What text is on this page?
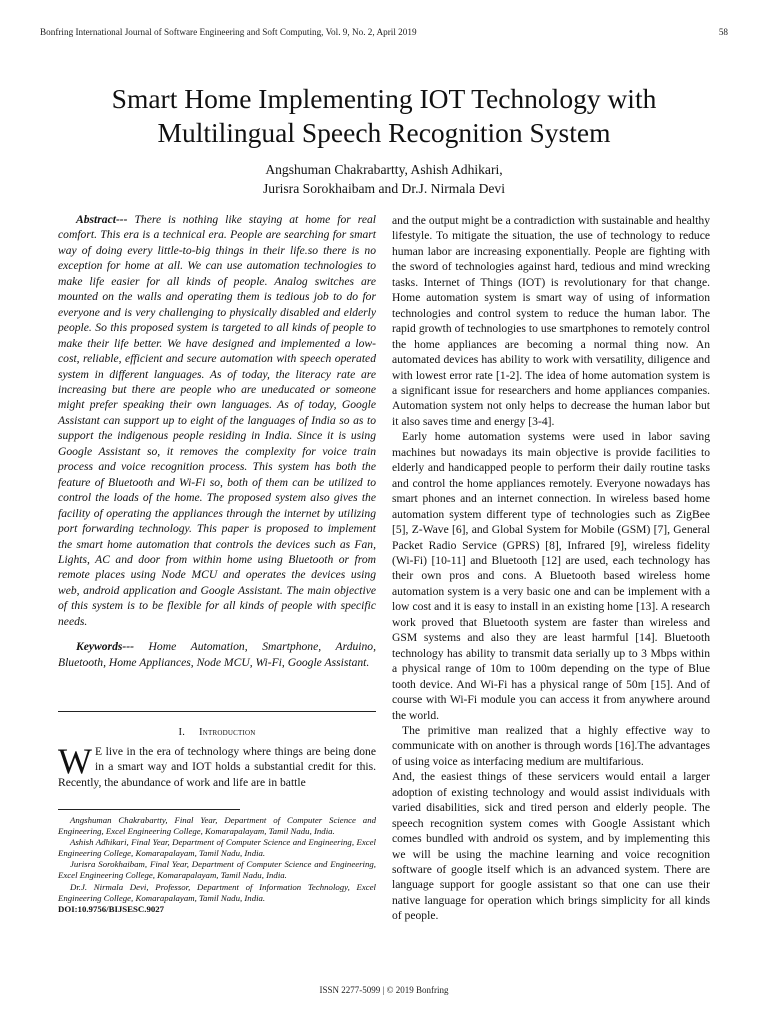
Bonfring International Journal of Software Engineering and Soft Computing, Vol. 9, No. 2, April 2019	58
Smart Home Implementing IOT Technology with
Multilingual Speech Recognition System
Angshuman Chakrabartty, Ashish Adhikari,
Jurisra Sorokhaibam and Dr.J. Nirmala Devi

Abstract--- There is nothing like staying at home for real comfort. This era is a technical era. People are searching for smart way of doing every little-to-big things in their life.so there is no exception for home at all. We can use automation technologies to make life easier for all kinds of people. Analog switches are mounted on the walls and operating them is tedious job to do for everyone and is very challenging to physically disabled and elderly people. So this proposed system is targeted to all kinds of people to make their life better. We have designed and implemented a low-cost, reliable, efficient and secure automation with speech operated system in different languages. As of today, the literacy rate are increasing but there are people who are uneducated or someone might prefer speaking their own languages. As of today, Google Assistant can support up to eight of the languages of India so as to support the indigenous people residing in India. Since it is using Google Assistant so, it removes the complexity for voice train process and voice recognition process. This system has both the feature of Bluetooth and Wi-Fi so, both of them can be utilized to control the loads of the home. The proposed system also gives the facility of operating the appliances through the internet by utilizing port forwarding technology. This paper is proposed to implement the smart home automation that controls the devices such as Fan, Lights, AC and door from within home using Bluetooth or from remote places using Node MCU and operates the devices using web, android application and Google Assistant. The main objective of this system is to be flexible for all kinds of people with specific needs.

Keywords--- Home Automation, Smartphone, Arduino, Bluetooth, Home Appliances, Node MCU, Wi-Fi, Google Assistant.

I. Introduction
W E live in the era of technology where things are being done in a smart way and IOT holds a substantial credit for this. Recently, the abundance of work and life are in battle

Angshuman Chakrabartty, Final Year, Department of Computer Science and Engineering, Excel Engineering College, Komarapalayam, Tamil Nadu, India.

Ashish Adhikari, Final Year, Department of Computer Science and Engineering, Excel Engineering College, Komarapalayam, Tamil Nadu, India.

Jurisra Sorokhaibam, Final Year, Department of Computer Science and Engineering, Excel Engineering College, Komarapalayam, Tamil Nadu, India.

Dr.J. Nirmala Devi, Professor, Department of Information Technology, Excel Engineering College, Komarapalayam, Tamil Nadu, India.

DOI:10.9756/BIJSESC.9027

and the output might be a contradiction with sustainable and healthy lifestyle. To mitigate the situation, the use of technology to reduce human labor are increasing exponentially. People are fighting with the sword of technologies against hard, tedious and mind wrecking tasks. Internet of Things (IOT) is revolutionary for that change. Home automation system is smart way of using of information technologies and control system to reduce the human labor. The rapid growth of technologies to use smartphones to remotely control the home appliances are becoming a normal thing now. An automated devices has ability to work with versatility, diligence and with lowest error rate [1-2]. The idea of home automation system is a significant issue for researchers and home appliances companies. Automation system not only helps to decrease the human labor but it also saves time and energy [3-4].

Early home automation systems were used in labor saving machines but nowadays its main objective is provide facilities to elderly and handicapped people to perform their daily routine tasks and control the home appliances remotely. Everyone nowadays has smart phones and an internet connection. In wireless based home automation system different type of technologies such as ZigBee [5], Z-Wave [6], and Global System for Mobile (GSM) [7], General Packet Radio Service (GPRS) [8], Infrared [9], wireless fidelity (Wi-Fi) [10-11] and Bluetooth [12] are used, each technology has their own pros and cons. A Bluetooth based wireless home automation system is a very basic one and can be implement with a low cost and it is easy to install in an existing home [13]. A research work proved that Bluetooth system are faster than wireless and GSM systems and also they are least harmful [14]. Bluetooth technology has ability to transmit data serially up to 3 Mbps within a physical range of 10m to 100m depending on the type of Blue tooth device. And Wi-Fi has a physical range of 50m [15]. And of course with Wi-Fi module you can access it from anywhere around the world.

The primitive man realized that a highly effective way to communicate with on another is through words [16].The advantages of using voice as interfacing medium are multifarious.

And, the easiest things of these servicers would entail a larger adoption of existing technology and would assist individuals with varied disabilities, sick and tired person and elderly people. The speech recognition system comes with Google Assistant which comes bundled with android os system, and by implementing this we will be using the machine learning and voice recognition software of google itself which is an advanced system. There are language support for google assistant so that one can use their native language for operation which brings simplicity for all kinds of people.

ISSN 2277-5099 | © 2019 Bonfring
